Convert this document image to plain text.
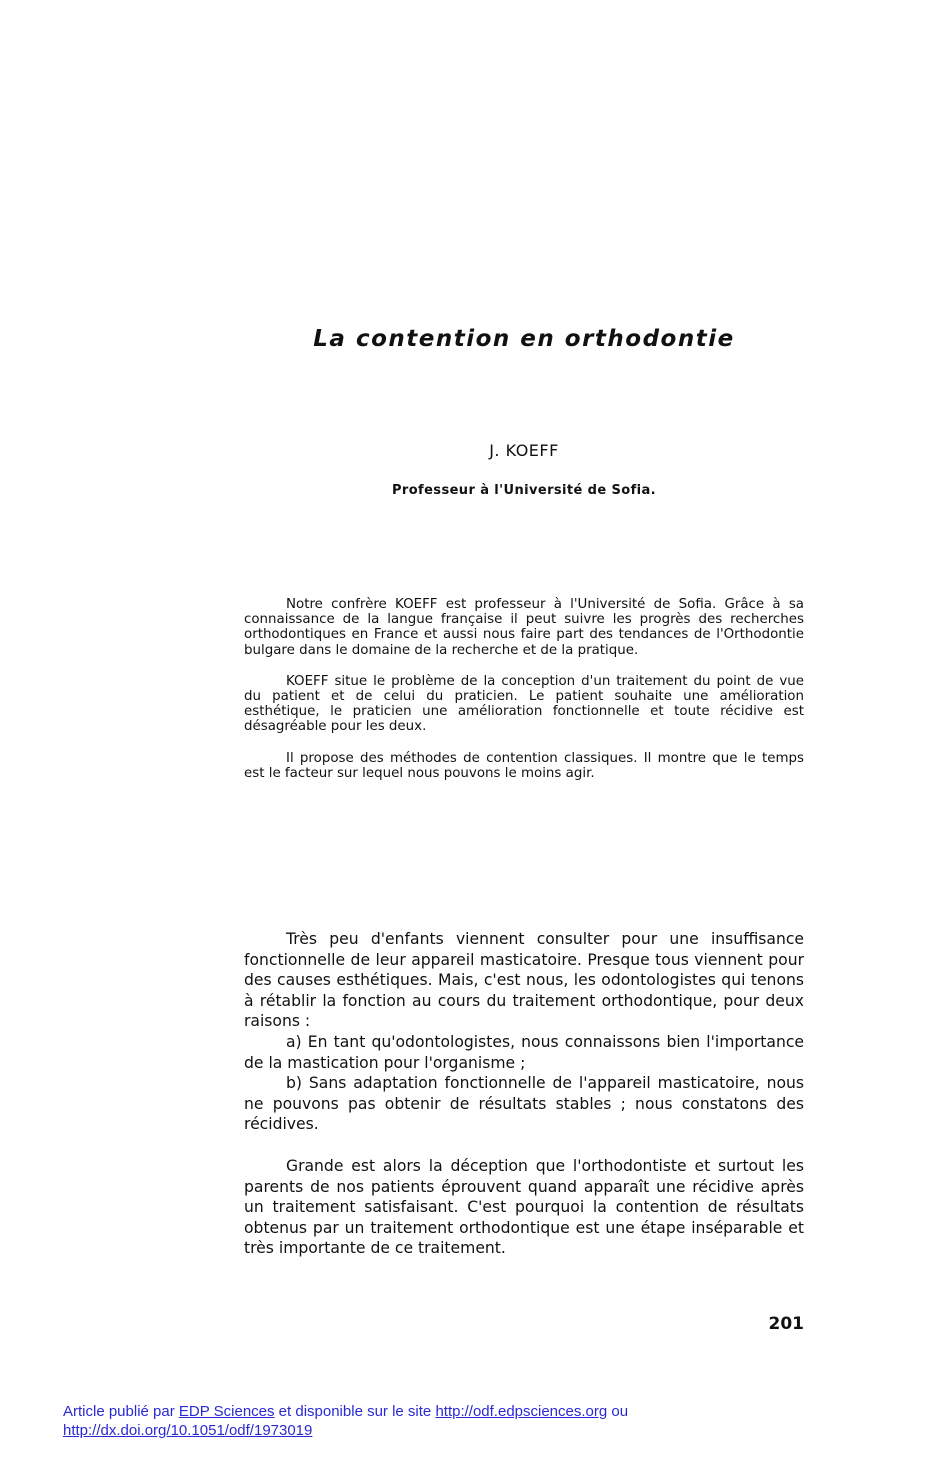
La contention en orthodontie
J. KOEFF
Professeur à l'Université de Sofia.

Notre confrère KOEFF est professeur à l'Université de Sofia. Grâce à sa connaissance de la langue française il peut suivre les progrès des recherches orthodontiques en France et aussi nous faire part des tendances de l'Orthodontie bulgare dans le domaine de la recherche et de la pratique.

KOEFF situe le problème de la conception d'un traitement du point de vue du patient et de celui du praticien. Le patient souhaite une amélioration esthétique, le praticien une amélioration fonctionnelle et toute récidive est désagréable pour les deux.

Il propose des méthodes de contention classiques. Il montre que le temps est le facteur sur lequel nous pouvons le moins agir.

Très peu d'enfants viennent consulter pour une insuffisance fonctionnelle de leur appareil masticatoire. Presque tous viennent pour des causes esthétiques. Mais, c'est nous, les odontologistes qui tenons à rétablir la fonction au cours du traitement orthodontique, pour deux raisons :

a) En tant qu'odontologistes, nous connaissons bien l'importance de la mastication pour l'organisme ;

b) Sans adaptation fonctionnelle de l'appareil masticatoire, nous ne pouvons pas obtenir de résultats stables ; nous constatons des récidives.

Grande est alors la déception que l'orthodontiste et surtout les parents de nos patients éprouvent quand apparaît une récidive après un traitement satisfaisant. C'est pourquoi la contention de résultats obtenus par un traitement orthodontique est une étape inséparable et très importante de ce traitement.

201
Article publié par EDP Sciences et disponible sur le site http://odf.edpsciences.org ou
http://dx.doi.org/10.1051/odf/1973019
